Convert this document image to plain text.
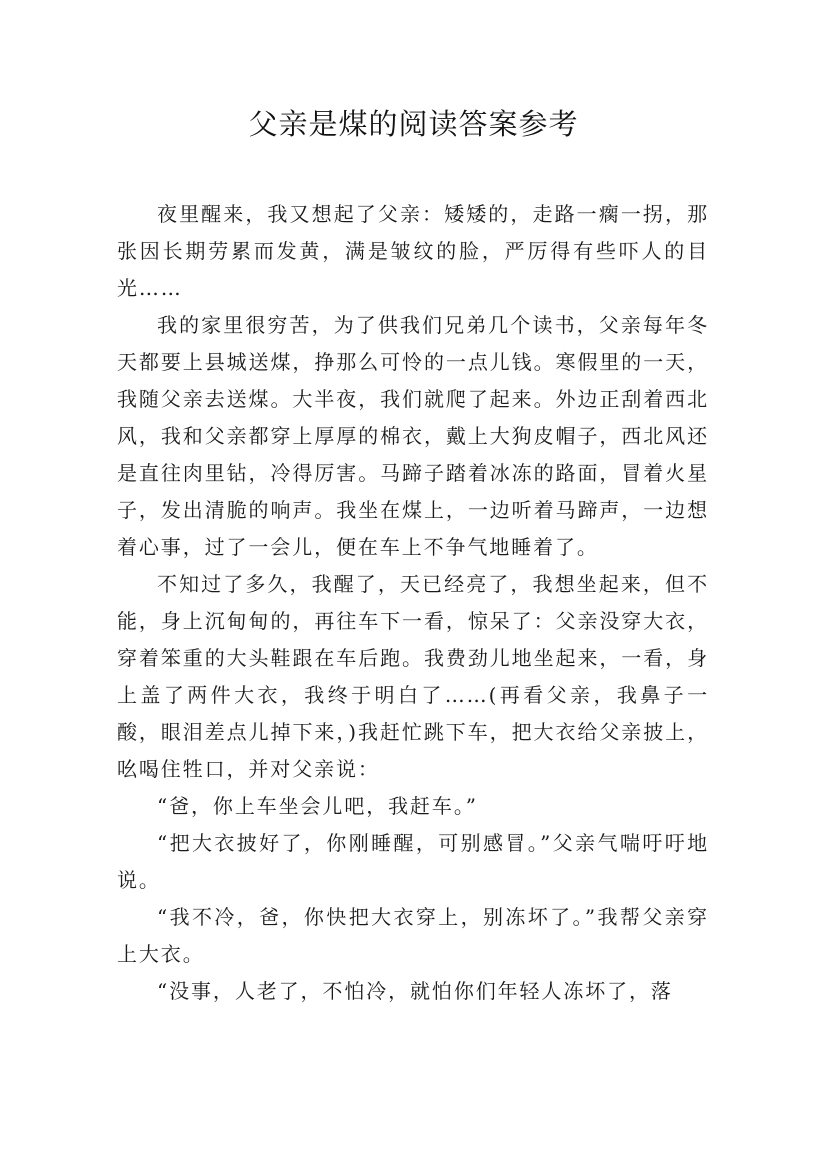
父亲是煤的阅读答案参考

夜里醒来，我又想起了父亲：矮矮的，走路一瘸一拐，那张因长期劳累而发黄，满是皱纹的脸，严厉得有些吓人的目光……

我的家里很穷苦，为了供我们兄弟几个读书，父亲每年冬天都要上县城送煤，挣那么可怜的一点儿钱。寒假里的一天，我随父亲去送煤。大半夜，我们就爬了起来。外边正刮着西北风，我和父亲都穿上厚厚的棉衣，戴上大狗皮帽子，西北风还是直往肉里钻，冷得厉害。马蹄子踏着冰冻的路面，冒着火星子，发出清脆的响声。我坐在煤上，一边听着马蹄声，一边想着心事，过了一会儿，便在车上不争气地睡着了。

不知过了多久，我醒了，天已经亮了，我想坐起来，但不能，身上沉甸甸的，再往车下一看，惊呆了：父亲没穿大衣，穿着笨重的大头鞋跟在车后跑。我费劲儿地坐起来，一看，身上盖了两件大衣，我终于明白了……(再看父亲，我鼻子一酸，眼泪差点儿掉下来，)我赶忙跳下车，把大衣给父亲披上，吆喝住牲口，并对父亲说：

“爸，你上车坐会儿吧，我赶车。”

“把大衣披好了，你刚睡醒，可别感冒。”父亲气喘吁吁地说。

“我不冷，爸，你快把大衣穿上，别冻坏了。”我帮父亲穿上大衣。

“没事，人老了，不怕冷，就怕你们年轻人冻坏了，落
